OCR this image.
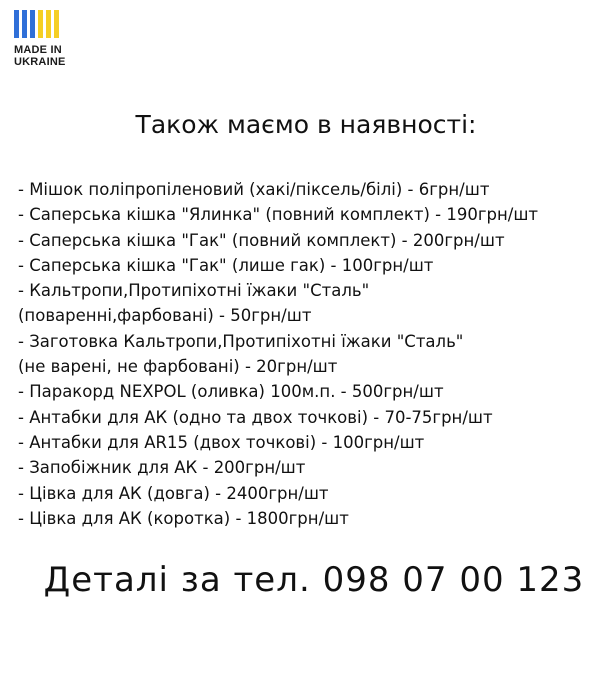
MADE IN
UKRAINE
Також маємо в наявності:
- Мішок поліпропіленовий (хакі/піксель/білі) - 6грн/шт
- Саперська кішка "Ялинка" (повний комплект) - 190грн/шт
- Саперська кішка "Гак" (повний комплект) - 200грн/шт
- Саперська кішка "Гак" (лише гак) - 100грн/шт
- Кальтропи,Протипіхотні їжаки "Сталь"
(поваренні,фарбовані) - 50грн/шт
- Заготовка Кальтропи,Протипіхотні їжаки "Сталь"
(не варені, не фарбовані) - 20грн/шт
- Паракорд NEXPOL (оливка) 100м.п. - 500грн/шт
- Антабки для АК (одно та двох точкові) - 70-75грн/шт
- Антабки для AR15 (двох точкові) - 100грн/шт
- Запобіжник для АК - 200грн/шт
- Цівка для АК (довга) - 2400грн/шт
- Цівка для АК (коротка) - 1800грн/шт
Деталі за тел. 098 07 00 123
